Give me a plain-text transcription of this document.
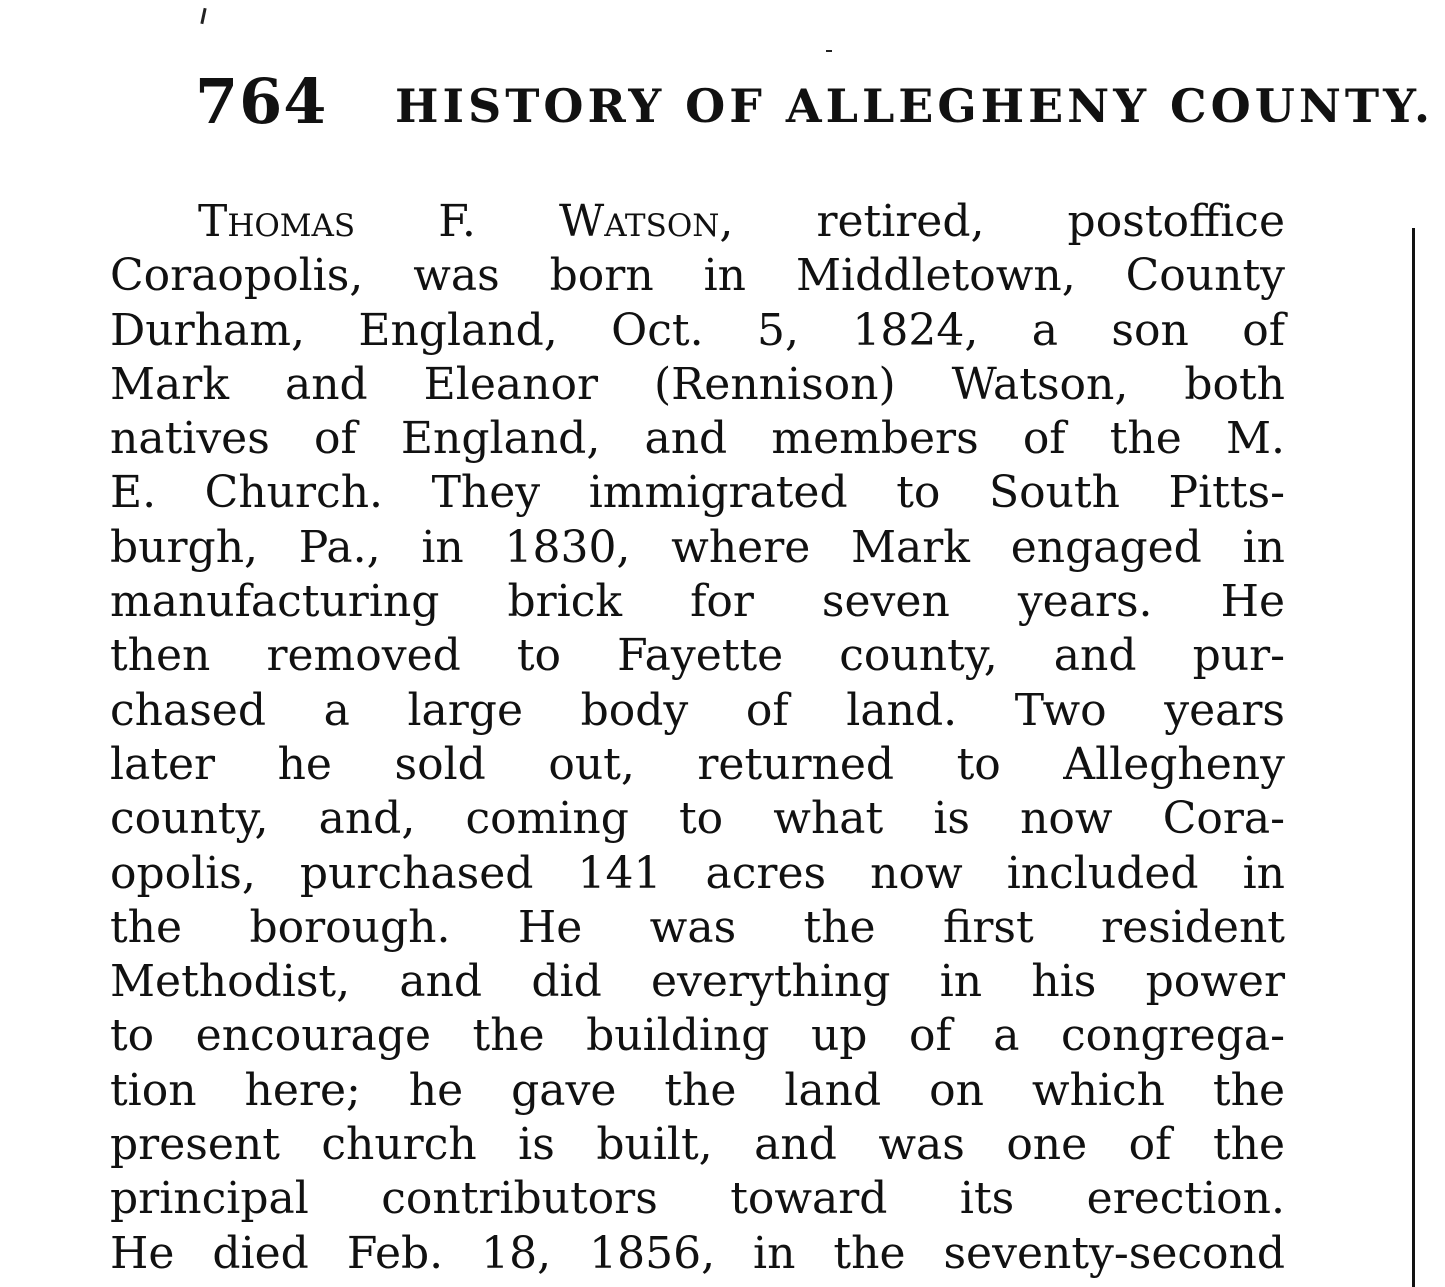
764 HISTORY OF ALLEGHENY COUNTY.
Thomas F. Watson, retired, postoffice
Coraopolis, was born in Middletown, County
Durham, England, Oct. 5, 1824, a son of
Mark and Eleanor (Rennison) Watson, both
natives of England, and members of the M.
E. Church. They immigrated to South Pitts-
burgh, Pa., in 1830, where Mark engaged in
manufacturing brick for seven years. He
then removed to Fayette county, and pur-
chased a large body of land. Two years
later he sold out, returned to Allegheny
county, and, coming to what is now Cora-
opolis, purchased 141 acres now included in
the borough. He was the first resident
Methodist, and did everything in his power
to encourage the building up of a congrega-
tion here; he gave the land on which the
present church is built, and was one of the
principal contributors toward its erection.
He died Feb. 18, 1856, in the seventy-second
